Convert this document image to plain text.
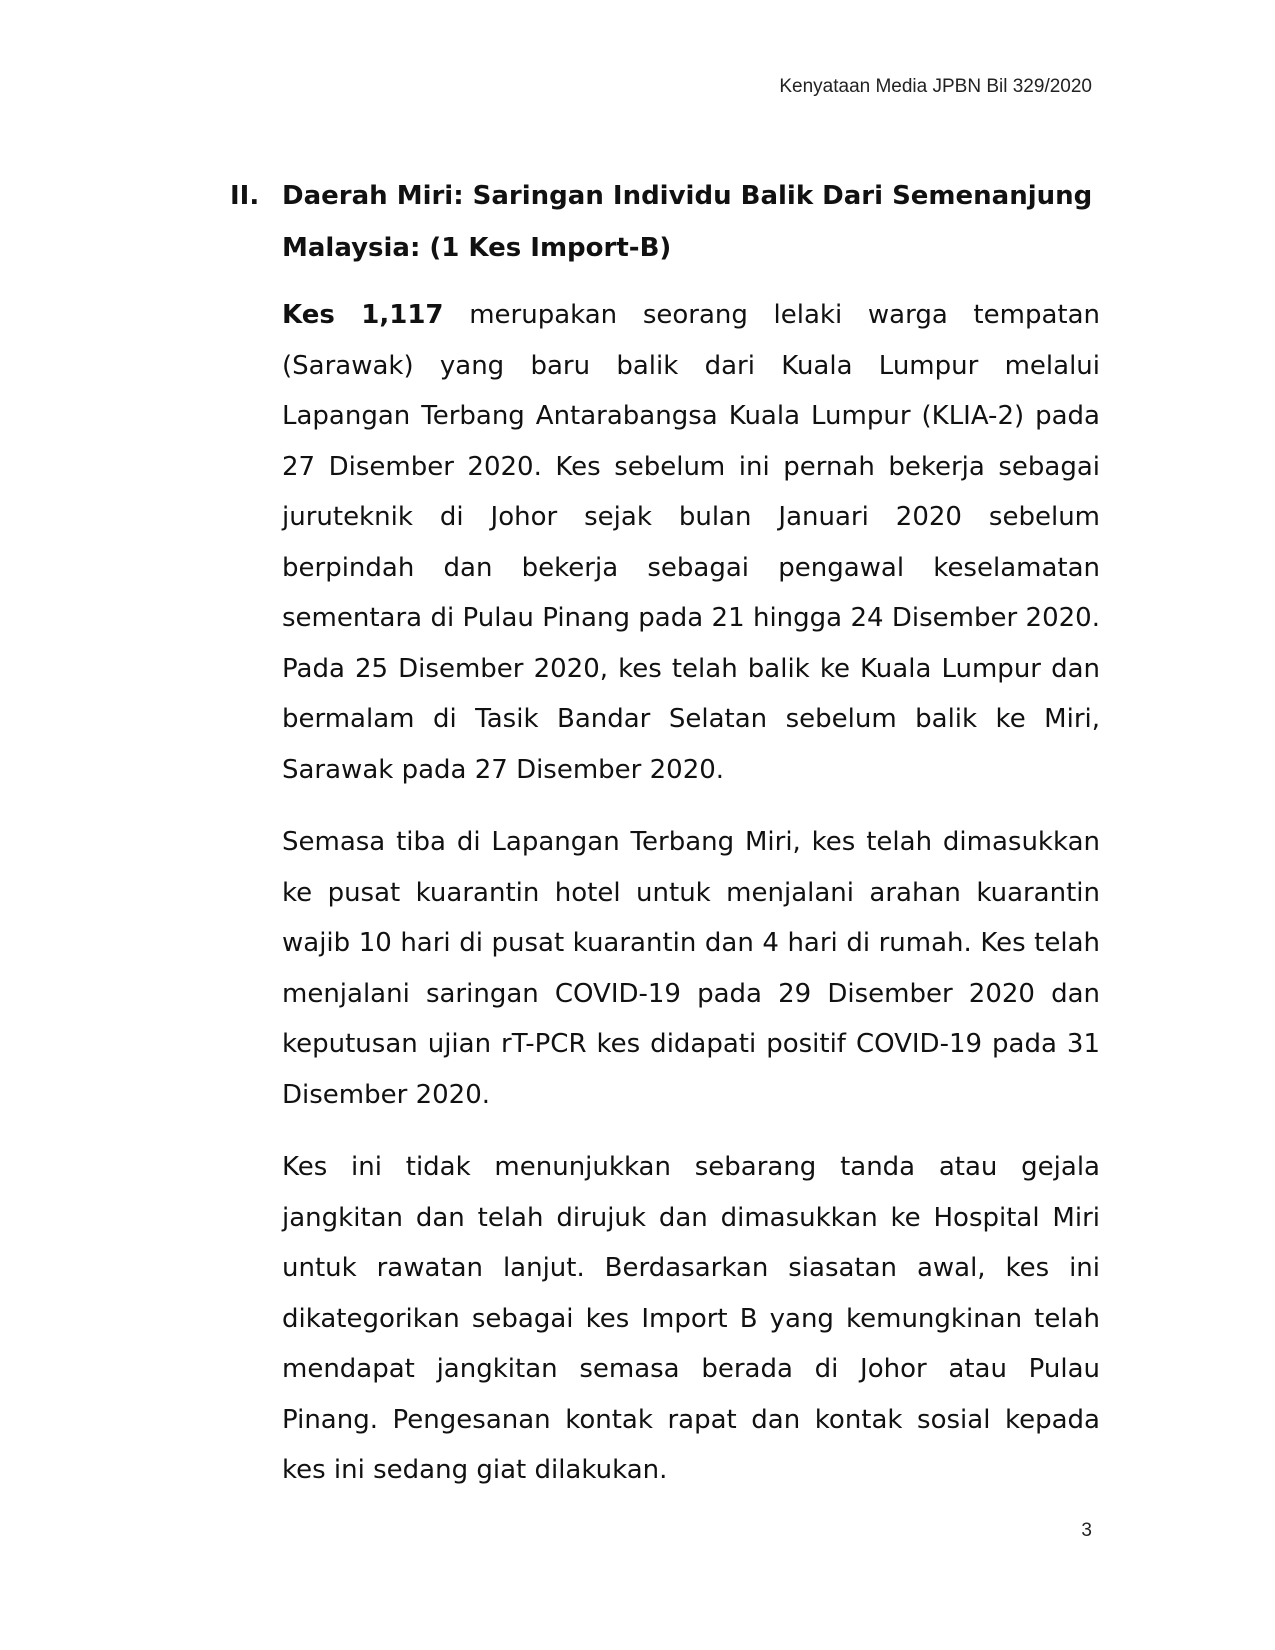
Kenyataan Media JPBN Bil 329/2020

II. Daerah Miri: Saringan Individu Balik Dari Semenanjung Malaysia: (1 Kes Import-B)

Kes 1,117 merupakan seorang lelaki warga tempatan (Sarawak) yang baru balik dari Kuala Lumpur melalui Lapangan Terbang Antarabangsa Kuala Lumpur (KLIA-2) pada 27 Disember 2020. Kes sebelum ini pernah bekerja sebagai juruteknik di Johor sejak bulan Januari 2020 sebelum berpindah dan bekerja sebagai pengawal keselamatan sementara di Pulau Pinang pada 21 hingga 24 Disember 2020. Pada 25 Disember 2020, kes telah balik ke Kuala Lumpur dan bermalam di Tasik Bandar Selatan sebelum balik ke Miri, Sarawak pada 27 Disember 2020.

Semasa tiba di Lapangan Terbang Miri, kes telah dimasukkan ke pusat kuarantin hotel untuk menjalani arahan kuarantin wajib 10 hari di pusat kuarantin dan 4 hari di rumah. Kes telah menjalani saringan COVID-19 pada 29 Disember 2020 dan keputusan ujian rT-PCR kes didapati positif COVID-19 pada 31 Disember 2020.

Kes ini tidak menunjukkan sebarang tanda atau gejala jangkitan dan telah dirujuk dan dimasukkan ke Hospital Miri untuk rawatan lanjut. Berdasarkan siasatan awal, kes ini dikategorikan sebagai kes Import B yang kemungkinan telah mendapat jangkitan semasa berada di Johor atau Pulau Pinang. Pengesanan kontak rapat dan kontak sosial kepada kes ini sedang giat dilakukan.

3
